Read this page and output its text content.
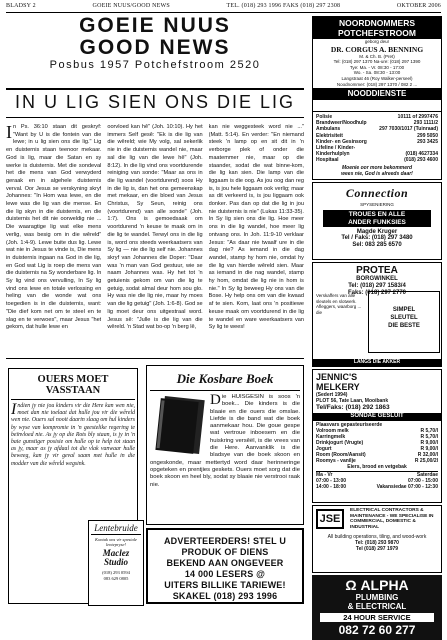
BLADSY 2	GOEIE NUUS/GOOD NEWS	TEL. (018) 293 1996 FAKS (018) 297 2308	OKTOBER 2006
GOEIE NUUS
GOOD NEWS
Posbus 1957 Potchefstroom 2520
IN U LIG SIEN ONS DIE LIG
I n Ps. 36:10 staan dit geskryf: "Want by U is die fontein van die lewe; in u lig sien ons die lig." Lig en duisternis staan teenoor mekaar. God is lig, maar die Satan en sy werke is duisternis. Met die sondeval het die mens van God verwyderd geraak en in algehele duisternis verval. Oor Jesus se verskyning skryf Johannes: "In Hom was lewe, en die lewe was die lig van die mense. En die lig skyn in die duisternis, en die duisternis het dit nie oorweldig nie ... Die waaragtige lig wat elke mens verlig, was besig om in die wêreld" (Joh. 1:4-9). Lewe buite dus lig. Lewe wat nie in Jesus te vinde is, Die mens in duisternis ingaan na God in die lig, en God wat Lig is roep die mens van die duisternis na Sy wonderbare lig. In Sy lig vind ons vervulling, In Sy lig vind ons lewe en totale verlossing en heling van die wonde wat ons toegedien is in die duisternis, want: "Die dief kom net om te steel en te slag en te verwoes", maar Jesus "het gekom, dat hulle lewe en

oorvloed kan hê" (Joh. 10:10). Hy het immers Self gesê: "Ek is die lig van die wêreld; wie My volg, sal sekerlik nie in die duisternis wandel nie, maar sal die lig van die lewe hê" (Joh. 8:12). In die lig vind ons voortdurende reiniging van sonde: "Maar as ons in die lig wandel (voortdurend) soos Hy in die lig is, dan het ons gemeenskap met mekaar, en die bloed van Jesus Christus, Sy Seun, reinig ons (voortdurend) van alle sonde" (Joh. 1:7). Ons is gemoedsaak om voortdurend 'n keuse te maak om in die lig te wandel. Terwyl ons in die lig is, word ons steeds weerkaatsers van Sy lig — nie die lig self nie. Johannes skryf van Johannes die Doper: "Daar was 'n man van God gestuur, wie se naam Johannes was. Hy het tot 'n getuienis gekom om van die lig te getuig, sodat almal deur hom sou glo. Hy was nie die lig nie, maar hy moes van die lig getuig" (Joh. 1:6-8). God se lig moet deur ons uitgestraal word. Jesus sê: "Julle is die lig van die wêreld. 'n Stad wat bo-op 'n berg lê,

kan nie weggesteek word nie ..." (Matt. 5:14). En verder: "En niemand steek 'n lamp op en sit dit in 'n verborge plek of onder die maatemmer nie, maar op die staander, sodat die wat binne-kom, die lig kan sien. Die lamp van die liggaam is die oog. As jou oog dan reg is, is jou hele liggaam ook verlig; maar as dit verkeerd is, is jou liggaam ook donker. Pas dan op dat die lig in jou nie duisternis is nie" (Lukas 11:33-35). In Sy lig sien ons die lig. Hoe meer ons in die lig wandel, hoe meer lig ontvang ons. In Joh. 11:9-10 verklaar Jesus: "As daar nie twaalf ure in die dag nie? As iemand in die dag wandel, stamp hy hom nie, omdat hy die lig van hierdie wêreld sien. Maar as iemand in die nag wandel, stamp hy hom, omdat die lig nie in hom is nie." In Sy lig beweeg Hy ons van die Bose. Hy help ons om van die kwaad af te sien. Kom, laat ons 'n positiewe keuse maak om voortdurend in die lig te wandel en ware weerkaatsers van Sy lig te wees!

OUERS MOET VASSTAAN
Indien jy nie jou kinders vir die Here kan wen nie, moet dan nie toelaat dat hulle jou vir die wêreld wen nie. Ouers sal nooit daarin slaag om hul kinders by wyse van kompromie in 'n geestelike regering te beïnvloed nie. As jy op die Rots bly staan, is jy in 'n baie gunstiger posisie om hulle op te help tot staan as jy, maar as jy afdaal tot die vlak vanwaar hulle beweeg, kan jy vir geval saam met hulle in die modder van die wêreld wegsink.
Lentebruide
Kontak ons vir spesiale lentepryse!
Maclez
Studio
(018) 293 0594
083 629 0805
Die Kosbare Boek
Die HUISGESIN is soos 'n boek... Die kinders is die blaaie en die ouers die omslae. Liefde is die band wat die boek aanmekaar hou. Die goue gespe wat vertroue inboesem en die huiskring versêël, is die vrees van die Here. Aanvanklik is die bladsye van die boek skoon en ongeskonde, maar mettertyd word daar herinneringe opgeteken en prentjies geskets. Ouers moet sorg dat die boek skoon en heel bly, sodat sy blaaie nie verstrooi raak nie.
ADVERTEERDERS! STEL U
PRODUK OF DIENS
BEKEND AAN ONGEVEER
14 000 LESERS @
UITERS BILLIKE TARIEWE!
SKAKEL (018) 293 1996
NOORDNOMMERS
POTCHEFSTROOM
geborg deur
DR. CORGUS A. BENNING
M. & Ch. B. (Pret)
Tel: (018) 297 1370 Na-ure: (018) 297 1390
Tye: Ma. - Vr. 08:30 - 17:00
Wo. - Sa. 08:30 - 13:00
Langstraat 46 (Roy Walker-perseel)
Noodnommer: (018) 297 1370 / 082 2 ...
NOODDIENSTE
Polisie	10111 of 2997476
Brandweer/Noodhulp	293 1111/2
Ambulans	297 7030/1017 (Tuinraad)
Elektrisiteit	299 5050
Kinder- en Gesinsorg	293 3425
Lifeline / Kinder-
Kinderhulplyn	(018) 4627334
Hospitaal	(018) 293 4600
Moenie oor more bekommerd
wees nie, God is alreeds daar!
Connection
SPYSENIERING
TROUES EN ALLE
ANDER FUNKSIES
Magde Kruger
Tel / Faks: (018) 297 3480
Sel: 083 285 6570
PROTEA
BORGWINKEL
Tel: (018) 297 1583/4
Faks: (018) 297 2770
Verskaffers van alle sleutels en slotwerk. Afleggers, waarborg ... die	SIMPEL
SLEUTEL
DIE BESTE
LANGS DIE AKKER
JENNIC'S
MELKERY
(Sedert 1994)
PLOT 56, Tate Laan, Mooibank
Tel/Faks: (018) 292 1863
SONDAE GESLUIT
Plaasvars gepasteuriseerde
Volroom melk	R 5,70/l
Karringmelk	R 5,70/l
Drinkjogurt (Vrugte)	R 9,00/l
Jogurt	R 9,00/l
Room (Room/Aansit)	R 32,00/l
Roomys - vanilje	R 25,00/2l
Eiers, brood en vetgebak
Ma - Vr	Saterdae
07:00 - 13:00	07:00 - 15:00
14:00 - 18:00	Vakansiedae 07:00 - 12:30
JSE
ELECTRICAL CONTRACTORS & MAINTENANCE - WE SPECIALISE IN COMMERCIAL, DOMESTIC & INDUSTRIAL
All building operations, tiling, and wood-work
Tel: (018) 293 9870
Tel (018) 297 1979
Ω ALPHA
PLUMBING
& ELECTRICAL
24 HOUR SERVICE
082 72 60 277
